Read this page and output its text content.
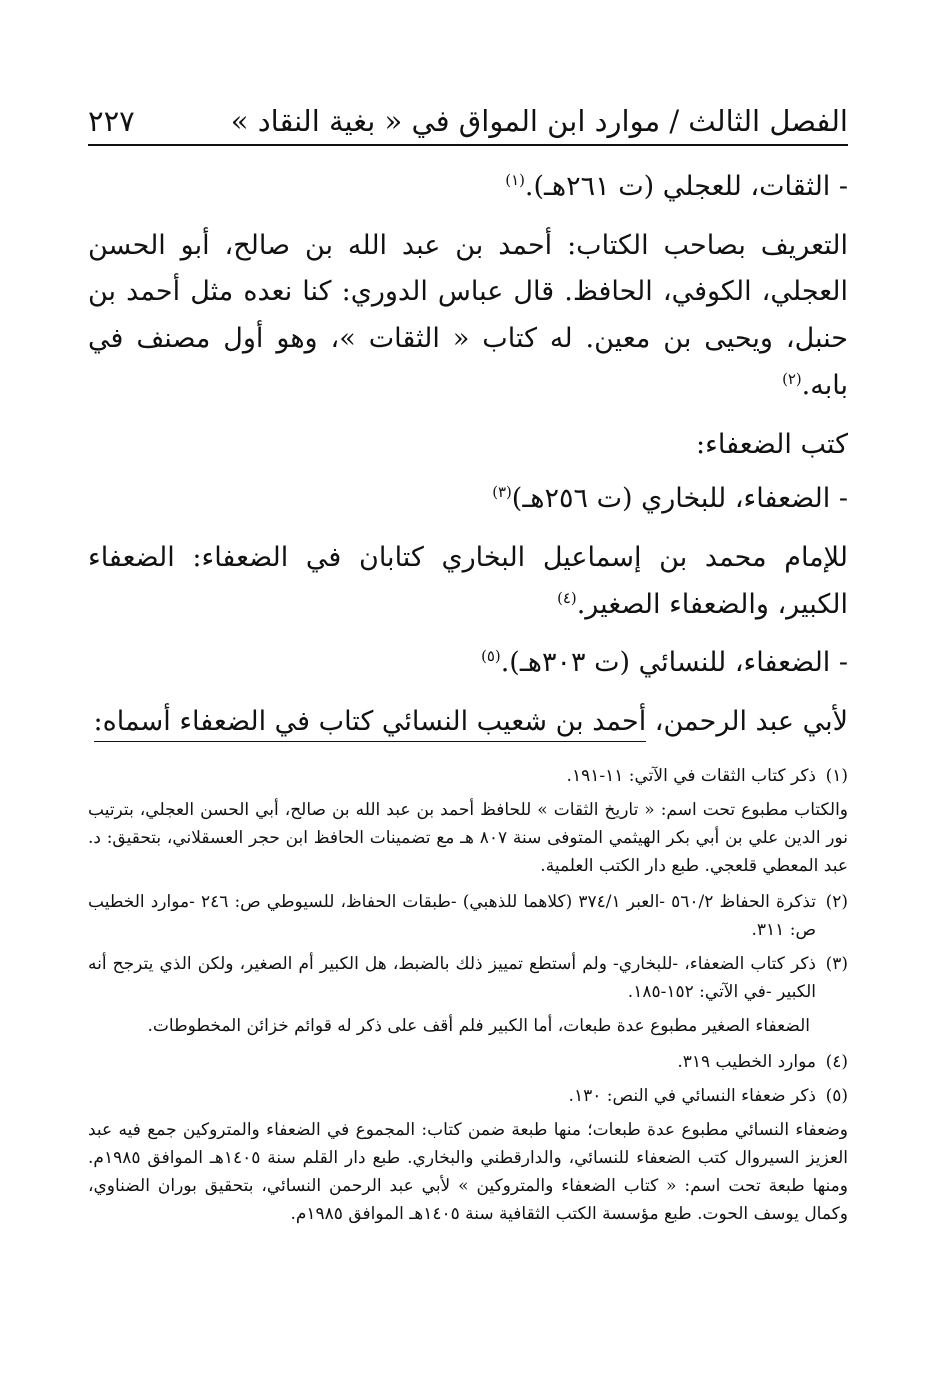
الفصل الثالث / موارد ابن المواق في « بغية النقاد »
٢٢٧
- الثقات، للعجلي (ت ٢٦١هـ).$^{(١)}$
التعريف بصاحب الكتاب: أحمد بن عبد الله بن صالح، أبو الحسن العجلي، الكوفي، الحافظ. قال عباس الدوري: كنا نعده مثل أحمد بن حنبل، ويحيى بن معين. له كتاب « الثقات »، وهو أول مصنف في بابه.$^{(٢)}$
كتب الضعفاء:
- الضعفاء، للبخاري (ت ٢٥٦هـ)$^{(٣)}$
للإمام محمد بن إسماعيل البخاري كتابان في الضعفاء: الضعفاء الكبير، والضعفاء الصغير.$^{(٤)}$
- الضعفاء، للنسائي (ت ٣٠٣هـ).$^{(٥)}$
لأبي عبد الرحمن، أحمد بن شعيب النسائي كتاب في الضعفاء أسماه:
(١)
ذكر كتاب الثقات في الآتي: ١١-١٩١.
والكتاب مطبوع تحت اسم: « تاريخ الثقات » للحافظ أحمد بن عبد الله بن صالح، أبي الحسن العجلي، بترتيب نور الدين علي بن أبي بكر الهيثمي المتوفى سنة ٨٠٧ هـ مع تضمينات الحافظ ابن حجر العسقلاني، بتحقيق: د. عبد المعطي قلعجي. طبع دار الكتب العلمية.
(٢)
تذكرة الحفاظ ٥٦٠/٢ -العبر ٣٧٤/١ (كلاهما للذهبي) -طبقات الحفاظ، للسيوطي ص: ٢٤٦ -موارد الخطيب ص: ٣١١.
(٣)
ذكر كتاب الضعفاء، -للبخاري- ولم أستطع تمييز ذلك بالضبط، هل الكبير أم الصغير، ولكن الذي يترجح أنه الكبير -في الآتي: ١٥٢-١٨٥.
الضعفاء الصغير مطبوع عدة طبعات، أما الكبير فلم أقف على ذكر له قوائم خزائن المخطوطات.
(٤)
موارد الخطيب ٣١٩.
(٥)
ذكر ضعفاء النسائي في النص: ١٣٠.
وضعفاء النسائي مطبوع عدة طبعات؛ منها طبعة ضمن كتاب: المجموع في الضعفاء والمتروكين جمع فيه عبد العزيز السيروال كتب الضعفاء للنسائي، والدارقطني والبخاري. طبع دار القلم سنة ١٤٠٥هـ الموافق ١٩٨٥م. ومنها طبعة تحت اسم: « كتاب الضعفاء والمتروكين » لأبي عبد الرحمن النسائي، بتحقيق بوران الضناوي، وكمال يوسف الحوت. طبع مؤسسة الكتب الثقافية سنة ١٤٠٥هـ الموافق ١٩٨٥م.
